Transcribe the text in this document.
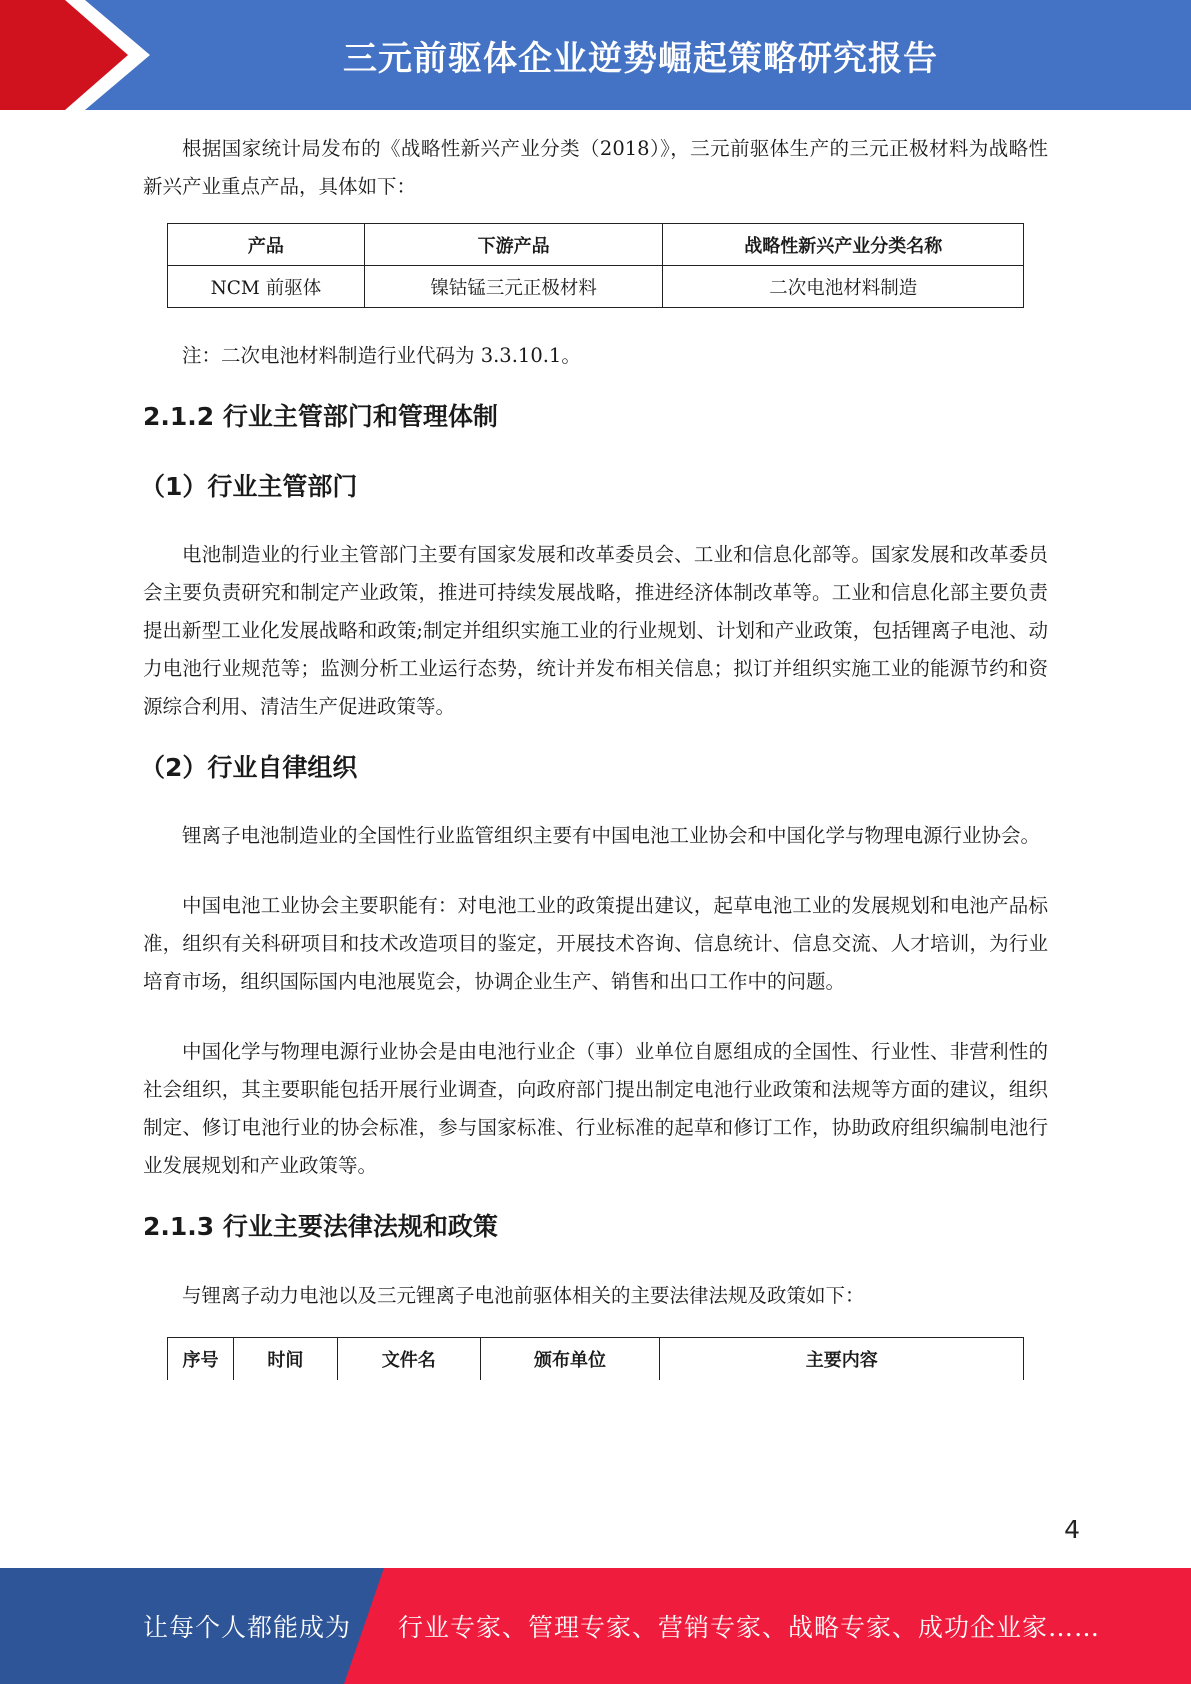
三元前驱体企业逆势崛起策略研究报告

根据国家统计局发布的《战略性新兴产业分类（2018）》，三元前驱体生产的三元正极材料为战略性新兴产业重点产品，具体如下：

产品	下游产品	战略性新兴产业分类名称
NCM 前驱体	镍钴锰三元正极材料	二次电池材料制造

注：二次电池材料制造行业代码为 3.3.10.1。

2.1.2 行业主管部门和管理体制
（1）行业主管部门

电池制造业的行业主管部门主要有国家发展和改革委员会、工业和信息化部等。国家发展和改革委员会主要负责研究和制定产业政策，推进可持续发展战略，推进经济体制改革等。工业和信息化部主要负责提出新型工业化发展战略和政策;制定并组织实施工业的行业规划、计划和产业政策，包括锂离子电池、动力电池行业规范等；监测分析工业运行态势，统计并发布相关信息；拟订并组织实施工业的能源节约和资源综合利用、清洁生产促进政策等。

（2）行业自律组织

锂离子电池制造业的全国性行业监管组织主要有中国电池工业协会和中国化学与物理电源行业协会。

中国电池工业协会主要职能有：对电池工业的政策提出建议，起草电池工业的发展规划和电池产品标准，组织有关科研项目和技术改造项目的鉴定，开展技术咨询、信息统计、信息交流、人才培训，为行业培育市场，组织国际国内电池展览会，协调企业生产、销售和出口工作中的问题。

中国化学与物理电源行业协会是由电池行业企（事）业单位自愿组成的全国性、行业性、非营利性的社会组织，其主要职能包括开展行业调查，向政府部门提出制定电池行业政策和法规等方面的建议，组织制定、修订电池行业的协会标准，参与国家标准、行业标准的起草和修订工作，协助政府组织编制电池行业发展规划和产业政策等。

2.1.3 行业主要法律法规和政策

与锂离子动力电池以及三元锂离子电池前驱体相关的主要法律法规及政策如下：

序号	时间	文件名	颁布单位	主要内容
4
让每个人都能成为 行业专家、管理专家、营销专家、战略专家、成功企业家……
